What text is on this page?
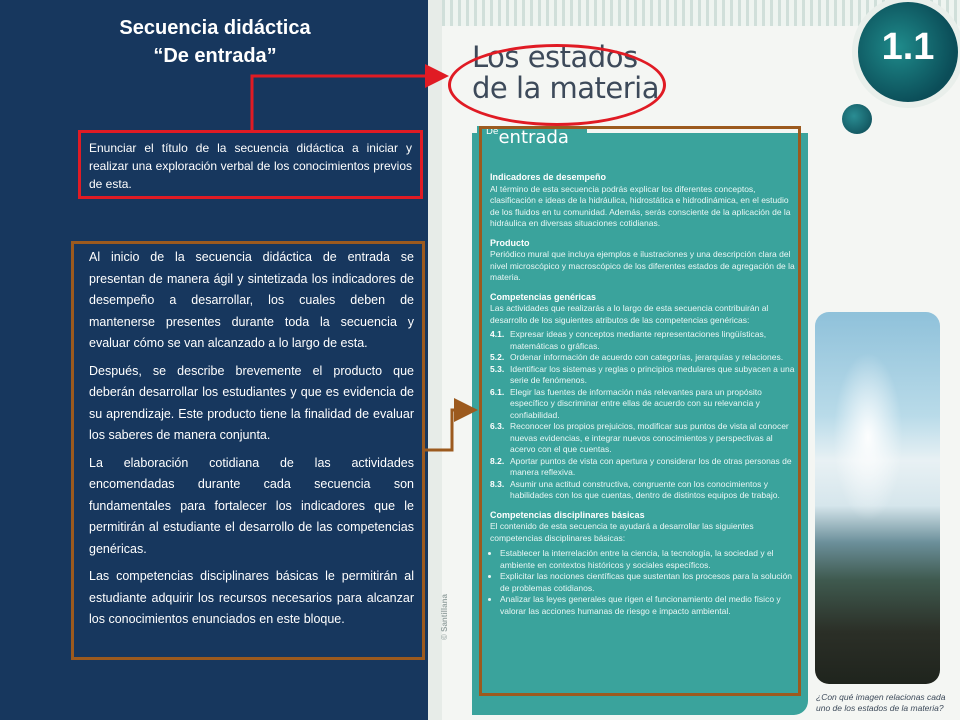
Secuencia didáctica
“De entrada”
Enunciar el título de la secuencia didáctica a iniciar y realizar una exploración verbal de los conocimientos previos de esta.

Al inicio de la secuencia didáctica de entrada se presentan de manera ágil y sintetizada los indicadores de desempeño a desarrollar, los cuales deben de mantenerse presentes durante toda la secuencia y evaluar cómo se van alcanzado a lo largo de esta.

Después, se describe brevemente el producto que deberán desarrollar los estudiantes y que es evidencia de su aprendizaje. Este producto tiene la finalidad de evaluar los saberes de manera conjunta.

La elaboración cotidiana de las actividades encomendadas durante cada secuencia son fundamentales para fortalecer los indicadores que le permitirán al estudiante el desarrollo de las competencias genéricas.

Las competencias disciplinares básicas le permitirán al estudiante adquirir los recursos necesarios para alcanzar los conocimientos enunciados en este bloque.

Los estados
de la materia
1.1
$^{De}$entrada
Indicadores de desempeño
Al término de esta secuencia podrás explicar los diferentes conceptos, clasificación e ideas de la hidráulica, hidrostática e hidrodinámica, en el estudio de los fluidos en tu comunidad. Además, serás consciente de la aplicación de la hidráulica en diversas situaciones cotidianas.
Producto
Periódico mural que incluya ejemplos e ilustraciones y una descripción clara del nivel microscópico y macroscópico de los diferentes estados de agregación de la materia.
Competencias genéricas
Las actividades que realizarás a lo largo de esta secuencia contribuirán al desarrollo de los siguientes atributos de las competencias genéricas:
4.1. Expresar ideas y conceptos mediante representaciones lingüísticas, matemáticas o gráficas.
5.2. Ordenar información de acuerdo con categorías, jerarquías y relaciones.
5.3. Identificar los sistemas y reglas o principios medulares que subyacen a una serie de fenómenos.
6.1. Elegir las fuentes de información más relevantes para un propósito específico y discriminar entre ellas de acuerdo con su relevancia y confiabilidad.
6.3. Reconocer los propios prejuicios, modificar sus puntos de vista al conocer nuevas evidencias, e integrar nuevos conocimientos y perspectivas al acervo con el que cuentas.
8.2. Aportar puntos de vista con apertura y considerar los de otras personas de manera reflexiva.
8.3. Asumir una actitud constructiva, congruente con los conocimientos y habilidades con los que cuentas, dentro de distintos equipos de trabajo.
Competencias disciplinares básicas
El contenido de esta secuencia te ayudará a desarrollar las siguientes competencias disciplinares básicas:
• Establecer la interrelación entre la ciencia, la tecnología, la sociedad y el ambiente en contextos históricos y sociales específicos.
• Explicitar las nociones científicas que sustentan los procesos para la solución de problemas cotidianos.
• Analizar las leyes generales que rigen el funcionamiento del medio físico y valorar las acciones humanas de riesgo e impacto ambiental.
¿Con qué imagen relacionas cada uno de los estados de la materia?
© Santillana
